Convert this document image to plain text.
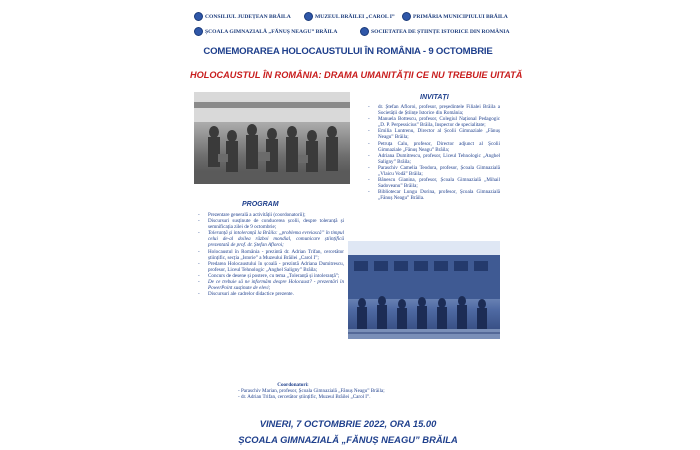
CONSILIUL JUDEȚEAN BRĂILA	MUZEUL BRĂILEI „CAROL I”	PRIMĂRIA MUNICIPIULUI BRĂILA
ȘCOALA GIMNAZIALĂ „FĂNUȘ NEAGU” BRĂILA	SOCIETATEA DE ȘTIINȚE ISTORICE DIN ROMÂNIA
COMEMORAREA HOLOCAUSTULUI ÎN ROMÂNIA - 9 OCTOMBRIE
HOLOCAUSTUL ÎN ROMÂNIA: DRAMA UMANITĂȚII CE NU TREBUIE UITATĂ
INVITAȚI
-	dr. Ștefan Afloroi, profesor, președintele Filialei Brăila a Societății de Științe Istorice din România;
-	Manuela Bottescu, profesor, Colegiul Național Pedagogic „D. P. Perpessicius” Brăila, Inspector de specialitate;
-	Emilia Luntrenu, Director al Școlii Gimnaziale „Fănuș Neagu” Brăila;
-	Petruța Calu, profesor, Director adjunct al Școlii Gimnaziale „Fănuș Neagu” Brăila;
-	Adriana Dumitrescu, profesor, Liceul Tehnologic „Anghel Saligny” Brăila;
-	Paraschiv Camelia Teodora, profesor, Școala Gimnazială „Vlaicu Vodă” Brăila;
-	Bănescu Gianina, profesor, Școala Gimnazială „Mihail Sadoveanu” Brăila;
-	Bibliotecar Lungu Dorina, profesor, Școala Gimnazială „Fănuș Neagu” Brăila.
PROGRAM
-	Prezentare generală a activității (coordonatorii);
-	Discursuri susținute de conducerea școlii, despre toleranță și semnificația zilei de 9 octombrie;
-	Toleranță și intoleranță la Brăila: „problema evreiască” în timpul celui de-al doilea război mondial, comunicare științifică prezentată de prof. dr. Ștefan Afloroi;
-	Holocaustul în România - prezintă dr. Adrian Trifan, cercetător științific, secția „Istorie” a Muzeului Brăilei „Carol I”;
-	Predarea Holocaustului în școală - prezintă Adriana Dumitrescu, profesor, Liceul Tehnologic „Anghel Saligny” Brăila;
-	Concurs de desene și postere, cu tema „Toleranță și intoleranță”;
-	De ce trebuie să ne informăm despre Holocaust? - prezentări în PowerPoint susținute de elevi;
-	Discursuri ale cadrelor didactice prezente.
Coordonatori:
- Paraschiv Marian, profesor, Școala Gimnazială „Fănuș Neagu” Brăila;
- dr. Adrian Trifan, cercetător științific, Muzeul Brăilei „Carol I”.
VINERI, 7 OCTOMBRIE 2022, ORA 15.00
ȘCOALA GIMNAZIALĂ „FĂNUȘ NEAGU” BRĂILA
